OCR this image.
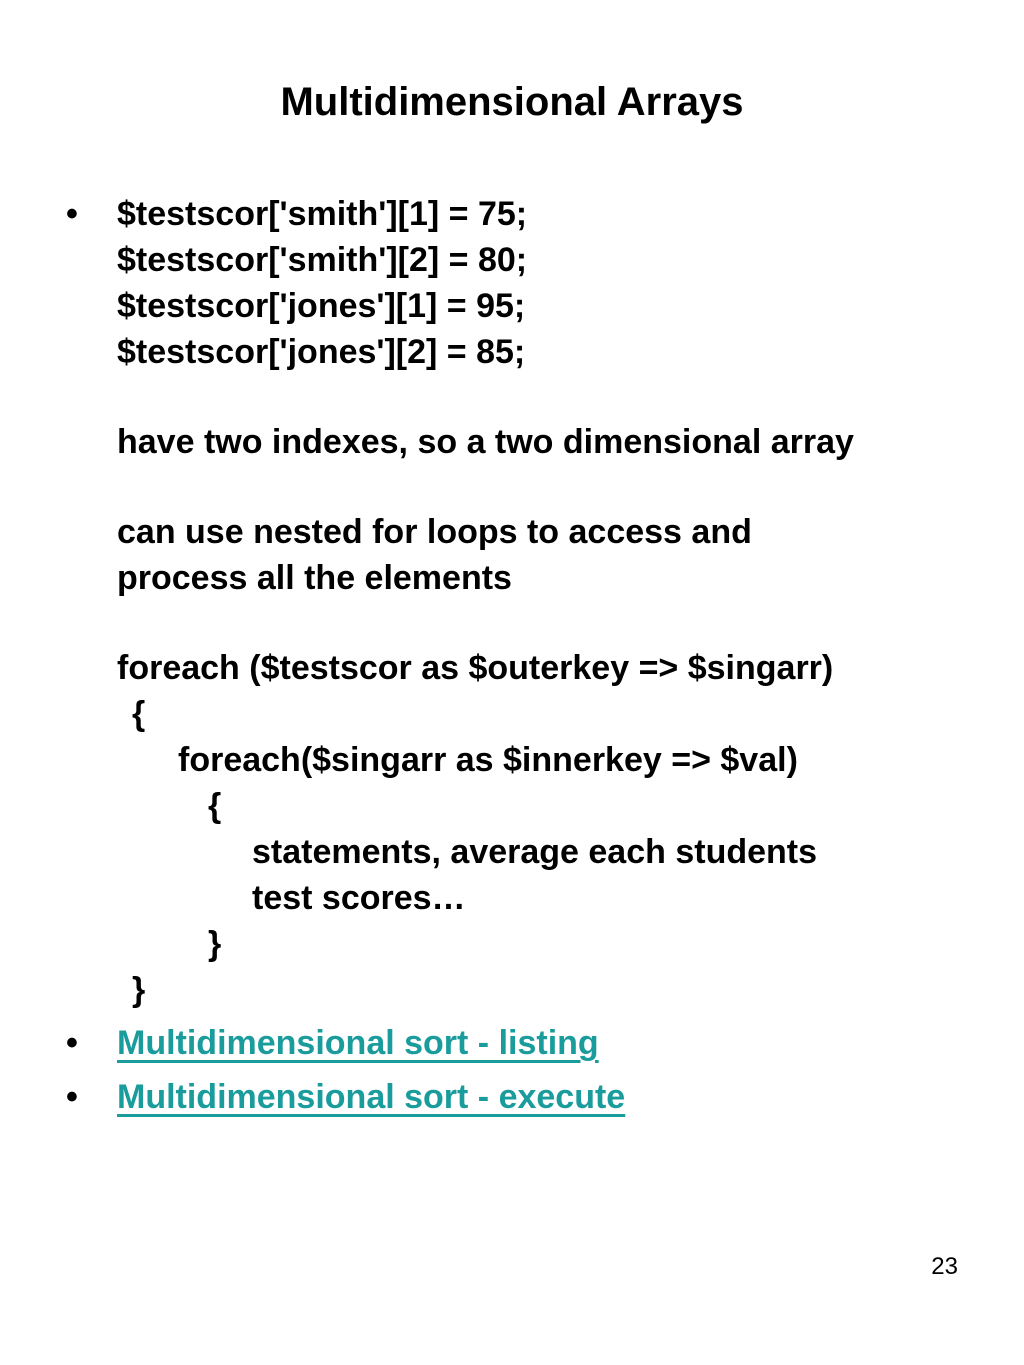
Multidimensional Arrays
• $testscor['smith'][1] = 75;
$testscor['smith'][2] = 80;
$testscor['jones'][1] = 95;
$testscor['jones'][2] = 85;
have two indexes, so a two dimensional array
can use nested for loops to access and
process all the elements
foreach ($testscor as $outerkey => $singarr)
{
foreach($singarr as $innerkey => $val)
{
statements, average each students
test scores…
}
}
• Multidimensional sort - listing
• Multidimensional sort - execute
23
